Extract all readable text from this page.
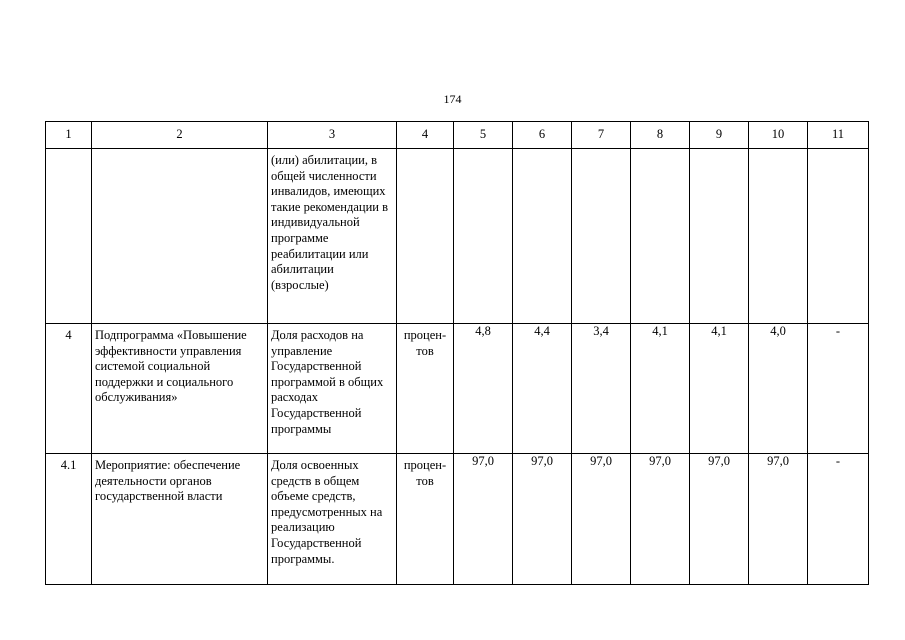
174
1	2	3	4	5	6	7	8	9	10	11
		(или) абилитации, в общей численности инвалидов, имеющих такие рекомендации в индивидуальной программе реабилитации или абилитации (взрослые)								
4	Подпрограмма «Повышение эффективности управления системой социальной поддержки и социального обслуживания»	Доля расходов на управление Государственной программой в общих расходах Государственной программы	процен-тов	4,8	4,4	3,4	4,1	4,1	4,0	-
4.1	Мероприятие: обеспечение деятельности органов государственной власти	Доля освоенных средств в общем объеме средств, предусмотренных на реализацию Государственной программы.	процен-тов	97,0	97,0	97,0	97,0	97,0	97,0	-
